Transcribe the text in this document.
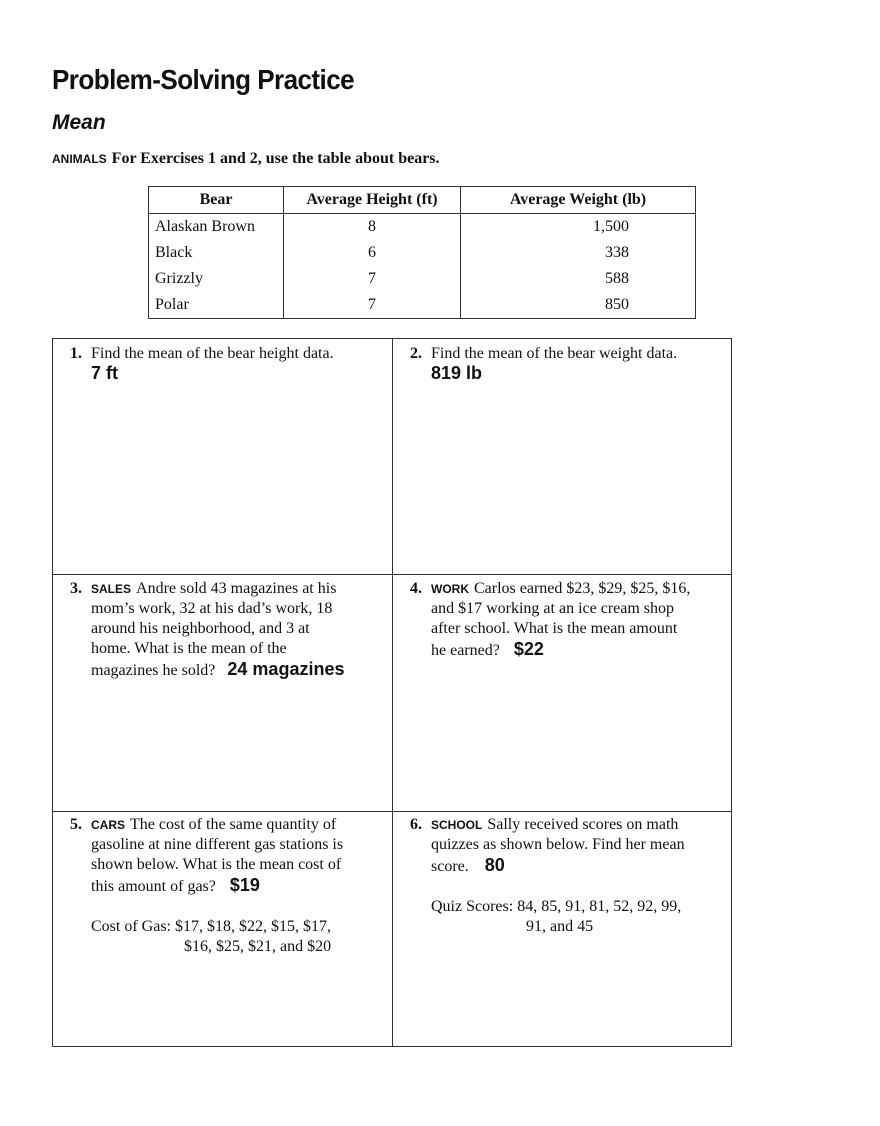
Problem-Solving Practice
Mean
ANIMALS For Exercises 1 and 2, use the table about bears.
Bear	Average Height (ft)	Average Weight (lb)
Alaskan Brown	8	1,500
Black	6	338
Grizzly	7	588
Polar	7	850
1. Find the mean of the bear height data.
7 ft
2. Find the mean of the bear weight data.
819 lb
3. SALES Andre sold 43 magazines at his
mom’s work, 32 at his dad’s work, 18
around his neighborhood, and 3 at
home. What is the mean of the
magazines he sold? 24 magazines
4. WORK Carlos earned $23, $29, $25, $16,
and $17 working at an ice cream shop
after school. What is the mean amount
he earned? $22
5. CARS The cost of the same quantity of
gasoline at nine different gas stations is
shown below. What is the mean cost of
this amount of gas? $19
Cost of Gas: $17, $18, $22, $15, $17,
$16, $25, $21, and $20
6. SCHOOL Sally received scores on math
quizzes as shown below. Find her mean
score. 80
Quiz Scores: 84, 85, 91, 81, 52, 92, 99,
91, and 45
